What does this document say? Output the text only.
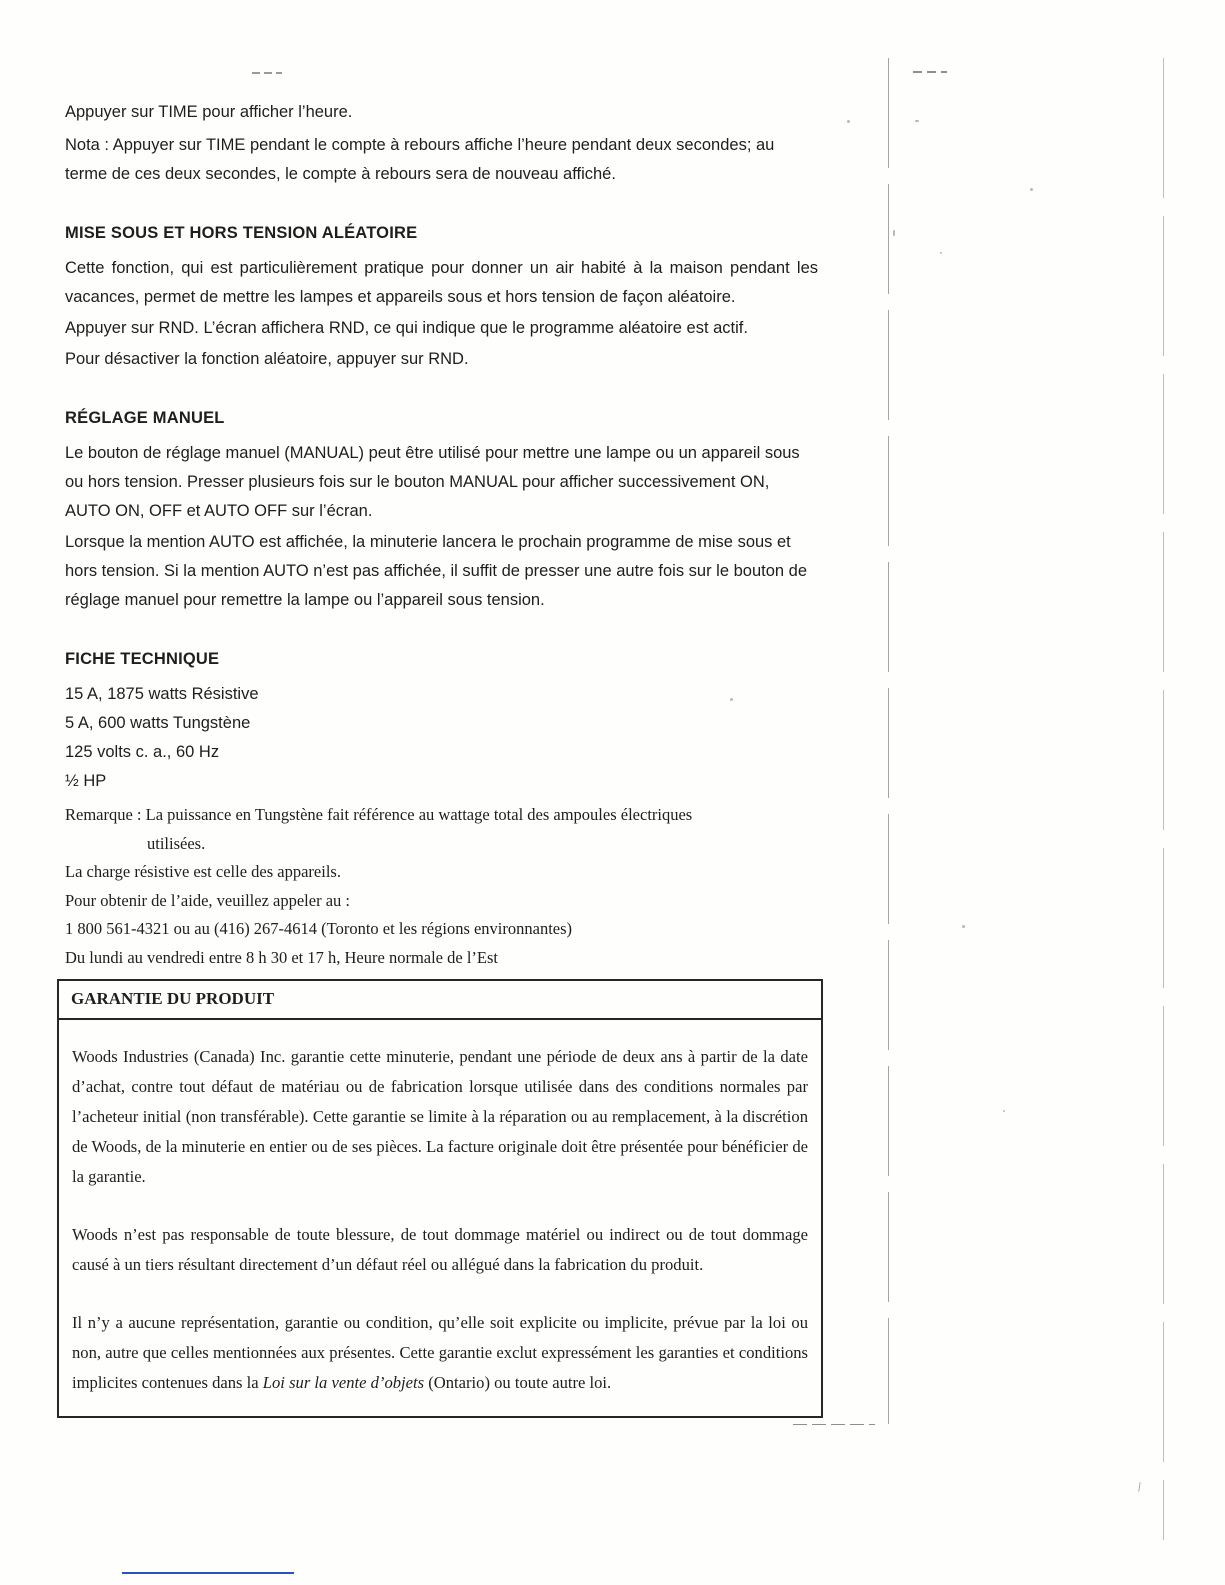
Appuyer sur TIME pour afficher l’heure.

Nota : Appuyer sur TIME pendant le compte à rebours affiche l’heure pendant deux secondes; au terme de ces deux secondes, le compte à rebours sera de nouveau affiché.

MISE SOUS ET HORS TENSION ALÉATOIRE

Cette fonction, qui est particulièrement pratique pour donner un air habité à la maison pendant les vacances, permet de mettre les lampes et appareils sous et hors tension de façon aléatoire.

Appuyer sur RND. L’écran affichera RND, ce qui indique que le programme aléatoire est actif.

Pour désactiver la fonction aléatoire, appuyer sur RND.

RÉGLAGE MANUEL

Le bouton de réglage manuel (MANUAL) peut être utilisé pour mettre une lampe ou un appareil sous ou hors tension. Presser plusieurs fois sur le bouton MANUAL pour afficher successivement ON, AUTO ON, OFF et AUTO OFF sur l’écran.

Lorsque la mention AUTO est affichée, la minuterie lancera le prochain programme de mise sous et hors tension. Si la mention AUTO n’est pas affichée, il suffit de presser une autre fois sur le bouton de réglage manuel pour remettre la lampe ou l’appareil sous tension.

FICHE TECHNIQUE
15 A, 1875 watts Résistive
5 A, 600 watts Tungstène
125 volts c. a., 60 Hz
½ HP

Remarque : La puissance en Tungstène fait référence au wattage total des ampoules électriques

utilisées.

La charge résistive est celle des appareils.

Pour obtenir de l’aide, veuillez appeler au :

1 800 561-4321 ou au (416) 267-4614 (Toronto et les régions environnantes)

Du lundi au vendredi entre 8 h 30 et 17 h, Heure normale de l’Est

GARANTIE DU PRODUIT

Woods Industries (Canada) Inc. garantie cette minuterie, pendant une période de deux ans à partir de la date d’achat, contre tout défaut de matériau ou de fabrication lorsque utilisée dans des conditions normales par l’acheteur initial (non transférable). Cette garantie se limite à la réparation ou au remplacement, à la discrétion de Woods, de la minuterie en entier ou de ses pièces. La facture originale doit être présentée pour bénéficier de la garantie.

Woods n’est pas responsable de toute blessure, de tout dommage matériel ou indirect ou de tout dommage causé à un tiers résultant directement d’un défaut réel ou allégué dans la fabrication du produit.

Il n’y a aucune représentation, garantie ou condition, qu’elle soit explicite ou implicite, prévue par la loi ou non, autre que celles mentionnées aux présentes. Cette garantie exclut expressément les garanties et conditions implicites contenues dans la Loi sur la vente d’objets (Ontario) ou toute autre loi.
